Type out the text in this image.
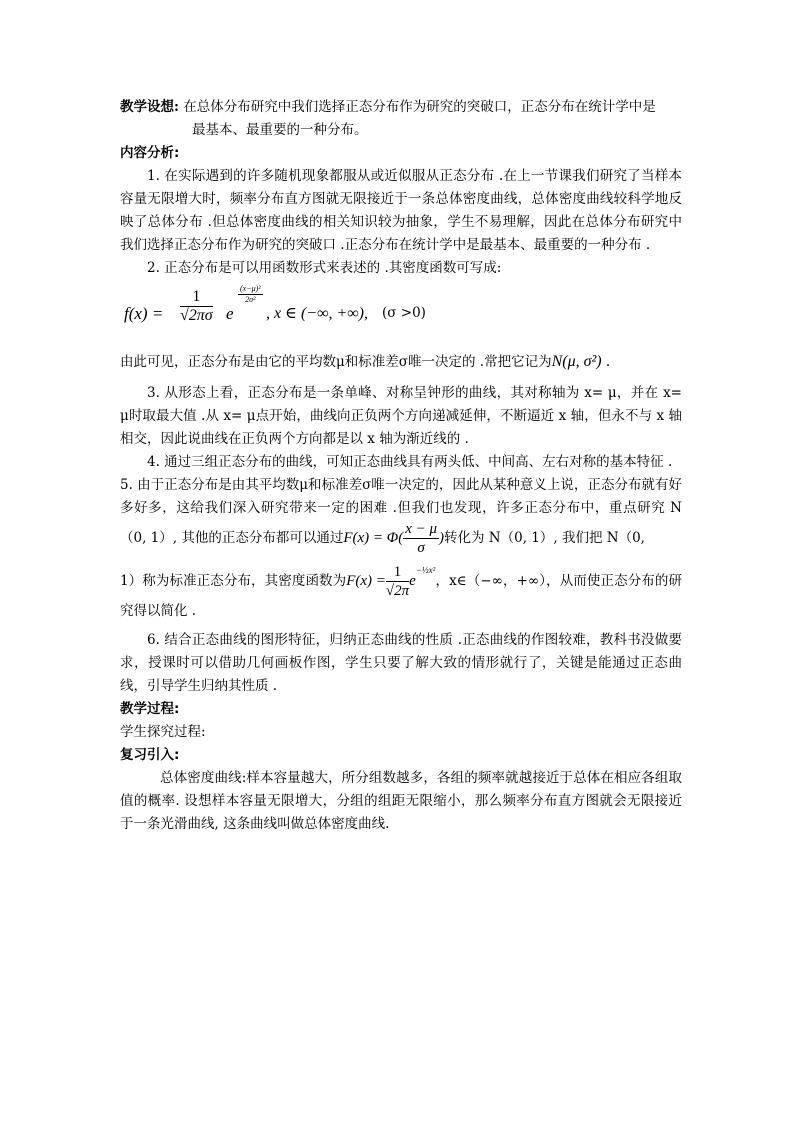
教学设想: 在总体分布研究中我们选择正态分布作为研究的突破口，正态分布在统计学中是
最基本、最重要的一种分布。

内容分析:

1. 在实际遇到的许多随机现象都服从或近似服从正态分布 .在上一节课我们研究了当样本容量无限增大时，频率分布直方图就无限接近于一条总体密度曲线，总体密度曲线较科学地反映了总体分布 .但总体密度曲线的相关知识较为抽象，学生不易理解，因此在总体分布研究中我们选择正态分布作为研究的突破口 .正态分布在统计学中是最基本、最重要的一种分布 .

2. 正态分布是可以用函数形式来表述的 .其密度函数可写成:

$f(x) = \frac{1}{√2\pi\sigma}$ e
$\frac{\text{(x−μ)²}}{\text{2σ²}}$
, x ∈ (−∞, +∞), (σ >0)

由此可见，正态分布是由它的平均数μ和标准差σ唯一决定的 .常把它记为N(μ, σ²) .

3. 从形态上看，正态分布是一条单峰、对称呈钟形的曲线，其对称轴为 x= μ，并在 x= μ时取最大值 .从 x= μ点开始，曲线向正负两个方向递减延伸，不断逼近 x 轴，但永不与 x 轴相交，因此说曲线在正负两个方向都是以 x 轴为渐近线的 .

4. 通过三组正态分布的曲线，可知正态曲线具有两头低、中间高、左右对称的基本特征 .

5. 由于正态分布是由其平均数μ和标准差σ唯一决定的，因此从某种意义上说，正态分布就有好多好多，这给我们深入研究带来一定的困难 .但我们也发现，许多正态分布中，重点研究 N（0, 1）, 其他的正态分布都可以通过$F(x) = \Phi( \frac{x - \mu}{\sigma}$ )转化为 N（0, 1）, 我们把 N（0,

1）称为标准正态分布，其密度函数为$F(x) = \frac{1}{√2\pi} e^{-\frac{1}{2}x^2}$，x∈（−∞，+∞），从而使正态分布的研究得以简化 .

6. 结合正态曲线的图形特征，归纳正态曲线的性质 .正态曲线的作图较难，教科书没做要求，授课时可以借助几何画板作图，学生只要了解大致的情形就行了，关键是能通过正态曲线，引导学生归纳其性质 .

教学过程:

学生探究过程:

复习引入:

总体密度曲线:样本容量越大，所分组数越多，各组的频率就越接近于总体在相应各组取值的概率. 设想样本容量无限增大，分组的组距无限缩小，那么频率分布直方图就会无限接近于一条光滑曲线, 这条曲线叫做总体密度曲线.
